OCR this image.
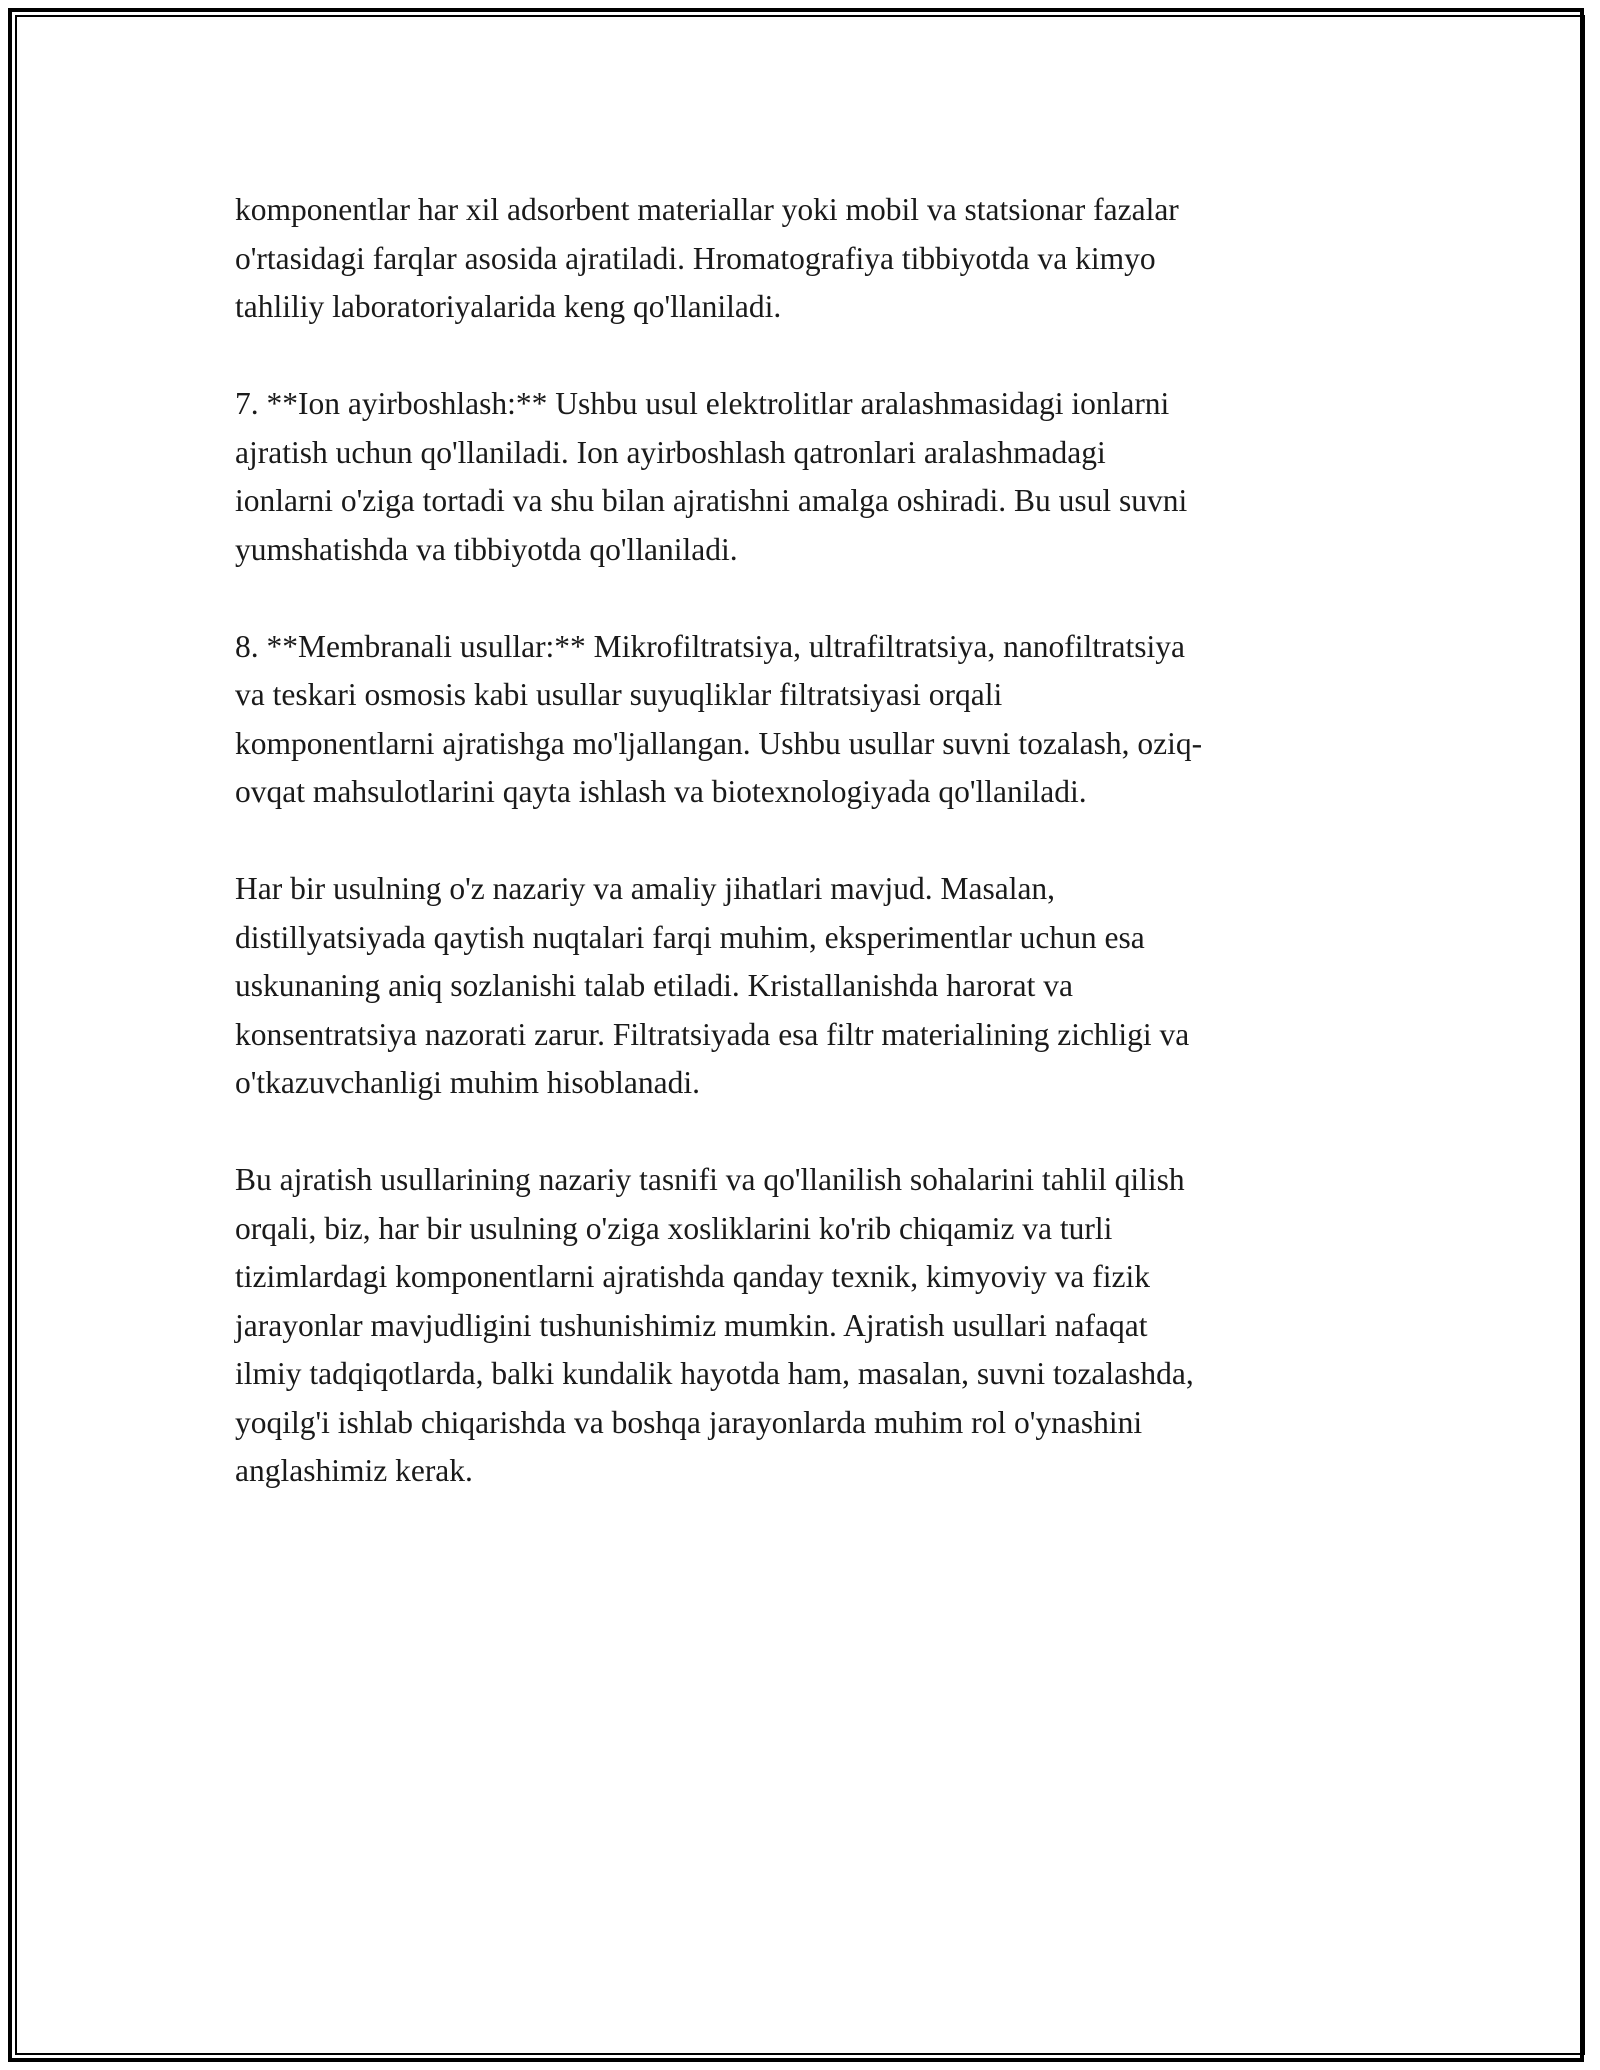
komponentlar har xil adsorbent materiallar yoki mobil va statsionar fazalar
o'rtasidagi farqlar asosida ajratiladi. Hromatografiya tibbiyotda va kimyo
tahliliy laboratoriyalarida keng qo'llaniladi.

7. **Ion ayirboshlash:** Ushbu usul elektrolitlar aralashmasidagi ionlarni
ajratish uchun qo'llaniladi. Ion ayirboshlash qatronlari aralashmadagi
ionlarni o'ziga tortadi va shu bilan ajratishni amalga oshiradi. Bu usul suvni
yumshatishda va tibbiyotda qo'llaniladi.

8. **Membranali usullar:** Mikrofiltratsiya, ultrafiltratsiya, nanofiltratsiya
va teskari osmosis kabi usullar suyuqliklar filtratsiyasi orqali
komponentlarni ajratishga mo'ljallangan. Ushbu usullar suvni tozalash, oziq-
ovqat mahsulotlarini qayta ishlash va biotexnologiyada qo'llaniladi.

Har bir usulning o'z nazariy va amaliy jihatlari mavjud. Masalan,
distillyatsiyada qaytish nuqtalari farqi muhim, eksperimentlar uchun esa
uskunaning aniq sozlanishi talab etiladi. Kristallanishda harorat va
konsentratsiya nazorati zarur. Filtratsiyada esa filtr materialining zichligi va
o'tkazuvchanligi muhim hisoblanadi.

Bu ajratish usullarining nazariy tasnifi va qo'llanilish sohalarini tahlil qilish
orqali, biz, har bir usulning o'ziga xosliklarini ko'rib chiqamiz va turli
tizimlardagi komponentlarni ajratishda qanday texnik, kimyoviy va fizik
jarayonlar mavjudligini tushunishimiz mumkin. Ajratish usullari nafaqat
ilmiy tadqiqotlarda, balki kundalik hayotda ham, masalan, suvni tozalashda,
yoqilg'i ishlab chiqarishda va boshqa jarayonlarda muhim rol o'ynashini
anglashimiz kerak.
